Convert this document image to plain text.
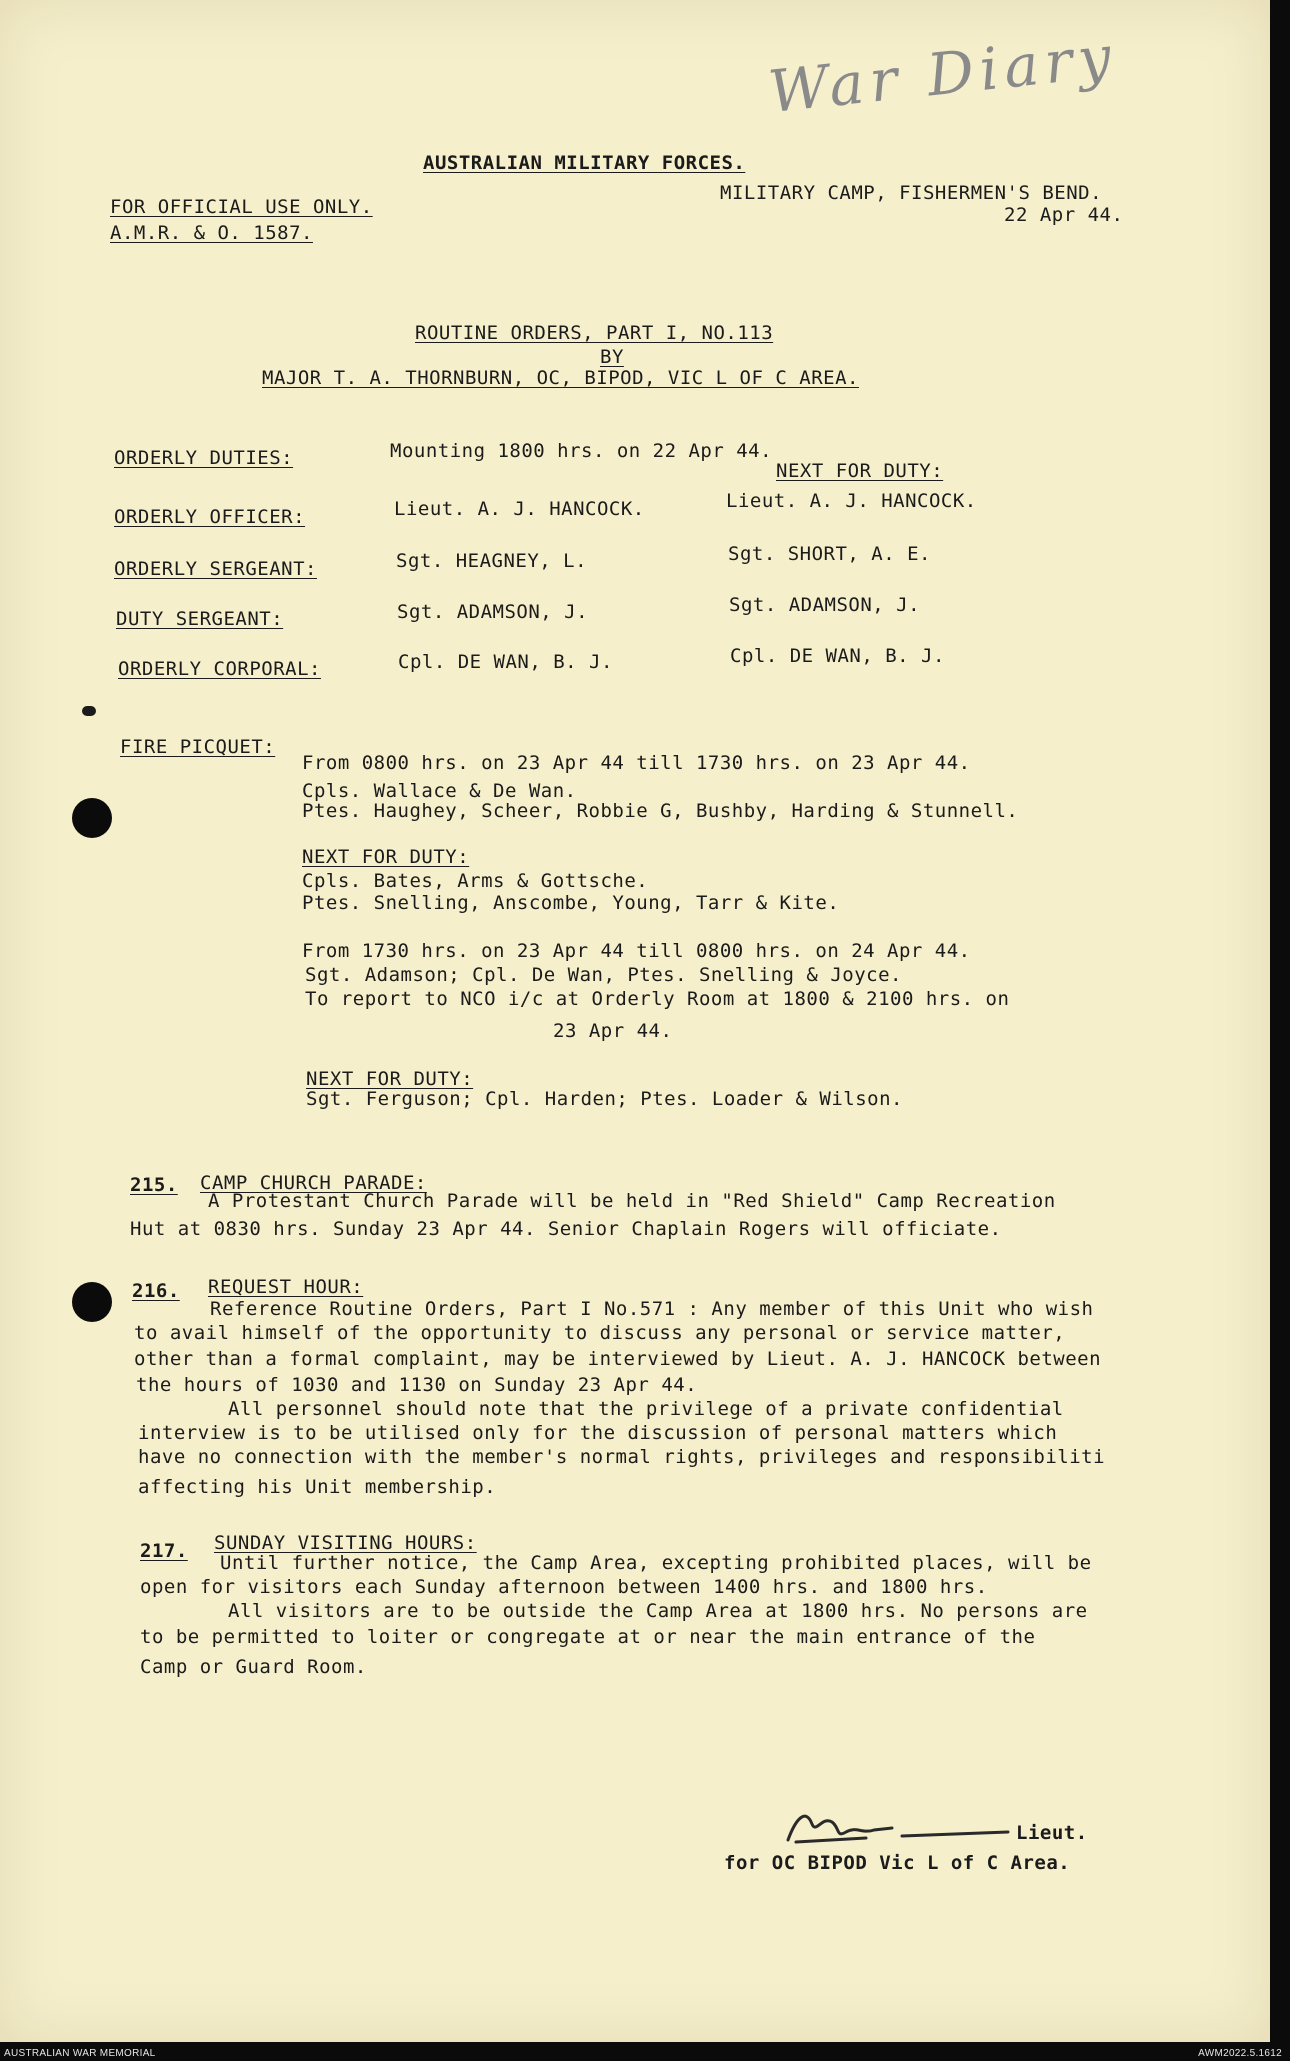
War Diary
AUSTRALIAN MILITARY FORCES.
FOR OFFICIAL USE ONLY.
A.M.R. & O. 1587.
MILITARY CAMP, FISHERMEN'S BEND.
22 Apr 44.
ROUTINE ORDERS, PART I, NO.113
BY
MAJOR T. A. THORNBURN, OC, BIPOD, VIC L OF C AREA.
ORDERLY DUTIES:	Mounting 1800 hrs. on 22 Apr 44.
NEXT FOR DUTY:
ORDERLY OFFICER:	Lieut. A. J. HANCOCK.	Lieut. A. J. HANCOCK.
ORDERLY SERGEANT:	Sgt. HEAGNEY, L.	Sgt. SHORT, A. E.
DUTY SERGEANT:	Sgt. ADAMSON, J.	Sgt. ADAMSON, J.
ORDERLY CORPORAL:	Cpl. DE WAN, B. J.	Cpl. DE WAN, B. J.
FIRE PICQUET:
From 0800 hrs. on 23 Apr 44 till 1730 hrs. on 23 Apr 44.
Cpls. Wallace & De Wan.
Ptes. Haughey, Scheer, Robbie G, Bushby, Harding & Stunnell.
NEXT FOR DUTY:
Cpls. Bates, Arms & Gottsche.
Ptes. Snelling, Anscombe, Young, Tarr & Kite.
From 1730 hrs. on 23 Apr 44 till 0800 hrs. on 24 Apr 44.
Sgt. Adamson; Cpl. De Wan, Ptes. Snelling & Joyce.
To report to NCO i/c at Orderly Room at 1800 & 2100 hrs. on
23 Apr 44.
NEXT FOR DUTY:
Sgt. Ferguson; Cpl. Harden; Ptes. Loader & Wilson.
215. CAMP CHURCH PARADE:
A Protestant Church Parade will be held in "Red Shield" Camp Recreation
Hut at 0830 hrs. Sunday 23 Apr 44. Senior Chaplain Rogers will officiate.
216. REQUEST HOUR:
Reference Routine Orders, Part I No.571 : Any member of this Unit who wish
to avail himself of the opportunity to discuss any personal or service matter,
other than a formal complaint, may be interviewed by Lieut. A. J. HANCOCK between
the hours of 1030 and 1130 on Sunday 23 Apr 44.
All personnel should note that the privilege of a private confidential
interview is to be utilised only for the discussion of personal matters which
have no connection with the member's normal rights, privileges and responsibiliti
affecting his Unit membership.
217. SUNDAY VISITING HOURS:
Until further notice, the Camp Area, excepting prohibited places, will be
open for visitors each Sunday afternoon between 1400 hrs. and 1800 hrs.
All visitors are to be outside the Camp Area at 1800 hrs. No persons are
to be permitted to loiter or congregate at or near the main entrance of the
Camp or Guard Room.
Lieut.
for OC BIPOD Vic L of C Area.
AUSTRALIAN WAR MEMORIAL	AWM2022.5.1612
